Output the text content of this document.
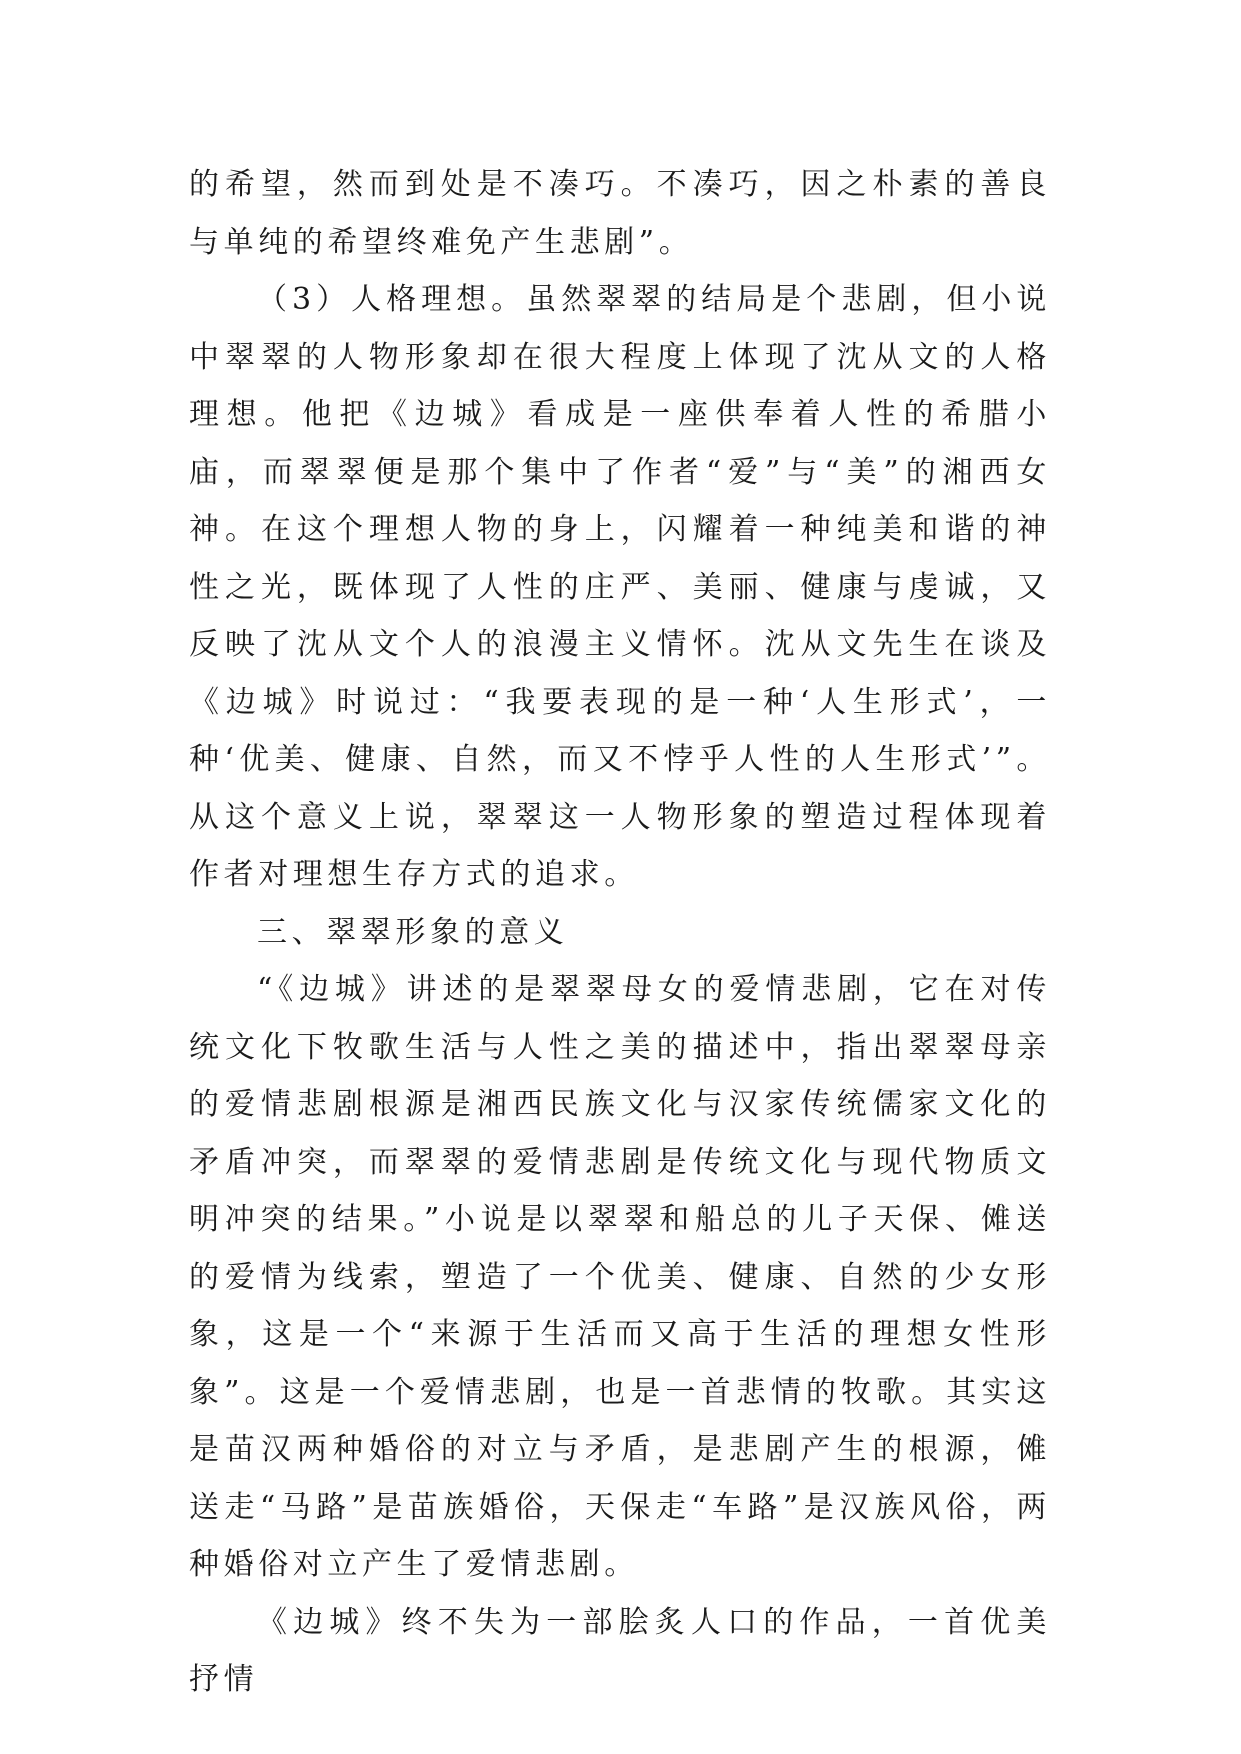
的希望，然而到处是不凑巧。不凑巧，因之朴素的善良与单纯的希望终难免产生悲剧”。

（3）人格理想。虽然翠翠的结局是个悲剧，但小说中翠翠的人物形象却在很大程度上体现了沈从文的人格理想。他把《边城》看成是一座供奉着人性的希腊小庙，而翠翠便是那个集中了作者“爱”与“美”的湘西女神。在这个理想人物的身上，闪耀着一种纯美和谐的神性之光，既体现了人性的庄严、美丽、健康与虔诚，又反映了沈从文个人的浪漫主义情怀。沈从文先生在谈及《边城》时说过：“我要表现的是一种‘人生形式’，一种‘优美、健康、自然，而又不悖乎人性的人生形式’”。从这个意义上说，翠翠这一人物形象的塑造过程体现着作者对理想生存方式的追求。

三、翠翠形象的意义

“《边城》讲述的是翠翠母女的爱情悲剧，它在对传统文化下牧歌生活与人性之美的描述中，指出翠翠母亲的爱情悲剧根源是湘西民族文化与汉家传统儒家文化的矛盾冲突，而翠翠的爱情悲剧是传统文化与现代物质文明冲突的结果。”小说是以翠翠和船总的儿子天保、傩送的爱情为线索，塑造了一个优美、健康、自然的少女形象，这是一个“来源于生活而又高于生活的理想女性形象”。这是一个爱情悲剧，也是一首悲情的牧歌。其实这是苗汉两种婚俗的对立与矛盾，是悲剧产生的根源，傩送走“马路”是苗族婚俗，天保走“车路”是汉族风俗，两种婚俗对立产生了爱情悲剧。

《边城》终不失为一部脍炙人口的作品，一首优美抒情
